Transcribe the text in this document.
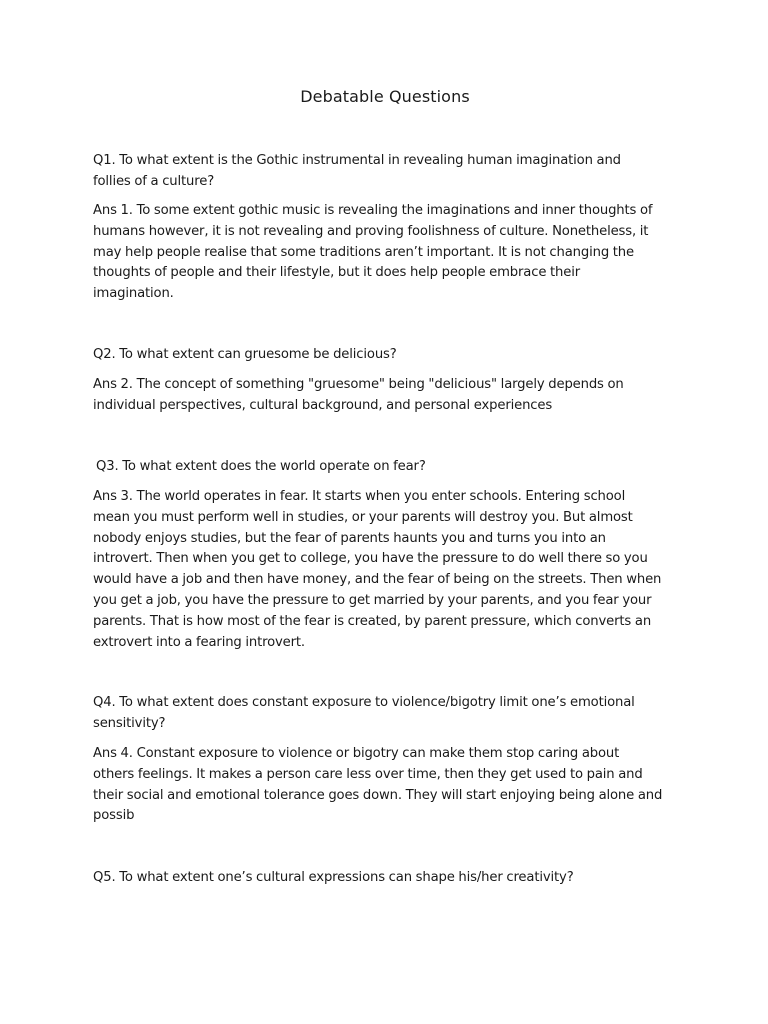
Debatable Questions
Q1. To what extent is the Gothic instrumental in revealing human imagination and
follies of a culture?
Ans 1. To some extent gothic music is revealing the imaginations and inner thoughts of
humans however, it is not revealing and proving foolishness of culture. Nonetheless, it
may help people realise that some traditions aren’t important. It is not changing the
thoughts of people and their lifestyle, but it does help people embrace their
imagination.
Q2. To what extent can gruesome be delicious?
Ans 2. The concept of something "gruesome" being "delicious" largely depends on
individual perspectives, cultural background, and personal experiences
Q3. To what extent does the world operate on fear?
Ans 3. The world operates in fear. It starts when you enter schools. Entering school
mean you must perform well in studies, or your parents will destroy you. But almost
nobody enjoys studies, but the fear of parents haunts you and turns you into an
introvert. Then when you get to college, you have the pressure to do well there so you
would have a job and then have money, and the fear of being on the streets. Then when
you get a job, you have the pressure to get married by your parents, and you fear your
parents. That is how most of the fear is created, by parent pressure, which converts an
extrovert into a fearing introvert.
Q4. To what extent does constant exposure to violence/bigotry limit one’s emotional
sensitivity?
Ans 4. Constant exposure to violence or bigotry can make them stop caring about
others feelings. It makes a person care less over time, then they get used to pain and
their social and emotional tolerance goes down. They will start enjoying being alone and
possib
Q5. To what extent one’s cultural expressions can shape his/her creativity?
